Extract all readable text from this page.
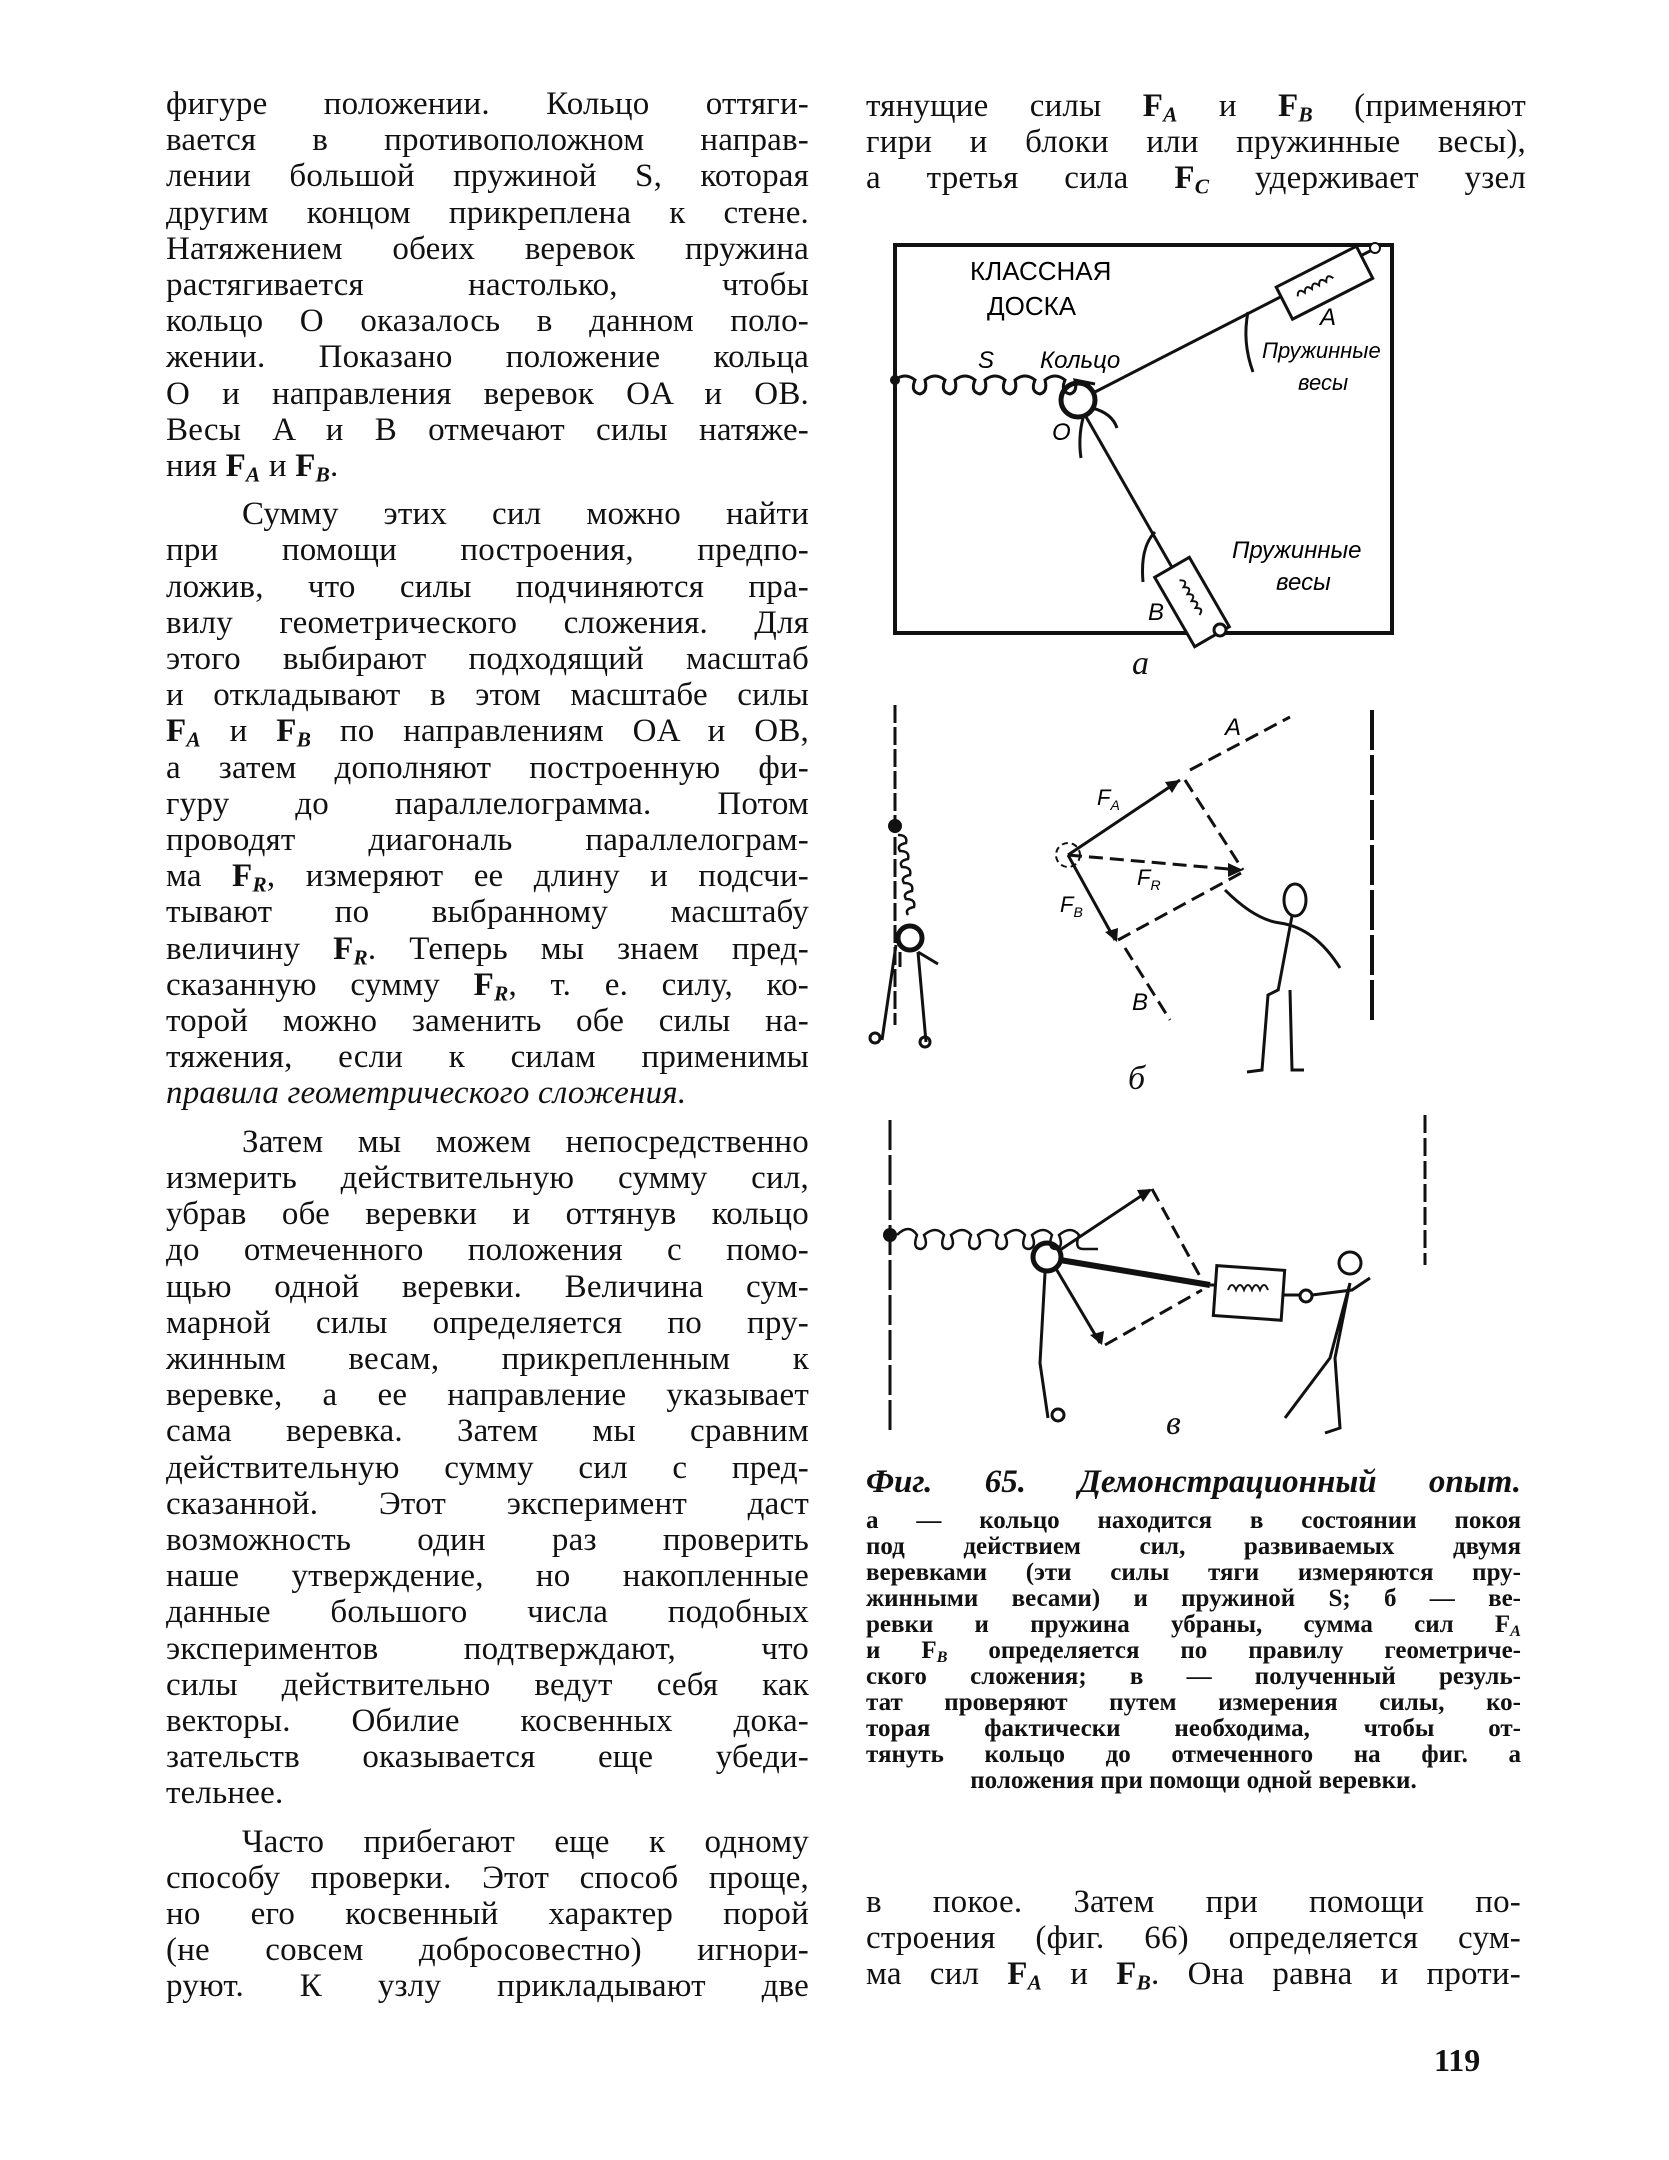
фигуре положении. Кольцо оттяги-
вается в противоположном направ-
лении большой пружиной S, которая
другим концом прикреплена к стене.
Натяжением обеих веревок пружина
растягивается настолько, чтобы
кольцо O оказалось в данном поло-
жении. Показано положение кольца
O и направления веревок OA и OB.
Весы A и B отмечают силы натяже-
ния $F_A$ и $F_B$.
Сумму этих сил можно найти
при помощи построения, предпо-
ложив, что силы подчиняются пра-
вилу геометрического сложения. Для
этого выбирают подходящий масштаб
и откладывают в этом масштабе силы
$F_A$ и $F_B$ по направлениям OA и OB,
а затем дополняют построенную фи-
гуру до параллелограмма. Потом
проводят диагональ параллелограм-
ма $F_R$, измеряют ее длину и подсчи-
тывают по выбранному масштабу
величину $F_R$. Теперь мы знаем пред-
сказанную сумму $F_R$, т. е. силу, ко-
торой можно заменить обе силы на-
тяжения, если к силам применимы
правила геометрического сложения.
Затем мы можем непосредственно
измерить действительную сумму сил,
убрав обе веревки и оттянув кольцо
до отмеченного положения с помо-
щью одной веревки. Величина сум-
марной силы определяется по пру-
жинным весам, прикрепленным к
веревке, а ее направление указывает
сама веревка. Затем мы сравним
действительную сумму сил с пред-
сказанной. Этот эксперимент даст
возможность один раз проверить
наше утверждение, но накопленные
данные большого числа подобных
экспериментов подтверждают, что
силы действительно ведут себя как
векторы. Обилие косвенных дока-
зательств оказывается еще убеди-
тельнее.
Часто прибегают еще к одному
способу проверки. Этот способ проще,
но его косвенный характер порой
(не совсем добросовестно) игнори-
руют. К узлу прикладывают две
тянущие силы $F_A$ и $F_B$ (применяют
гири и блоки или пружинные весы),
а третья сила $F_C$ удерживает узел
КЛАССНАЯ
ДОСКА
S Кольцо
O
A
Пружинные
весы
B
Пружинные
весы
а
$F_A$
$F_B$
$F_R$
A
B
б
в
Фиг. 65. Демонстрационный опыт.
а — кольцо находится в состоянии покоя
под действием сил, развиваемых двумя
веревками (эти силы тяги измеряются пру-
жинными весами) и пружиной S; б — ве-
ревки и пружина убраны, сумма сил $F_A$
и $F_B$ определяется по правилу геометриче-
ского сложения; в — полученный резуль-
тат проверяют путем измерения силы, ко-
торая фактически необходима, чтобы от-
тянуть кольцо до отмеченного на фиг. а
положения при помощи одной веревки.
в покое. Затем при помощи по-
строения (фиг. 66) определяется сум-
ма сил $F_A$ и $F_B$. Она равна и проти-
119
